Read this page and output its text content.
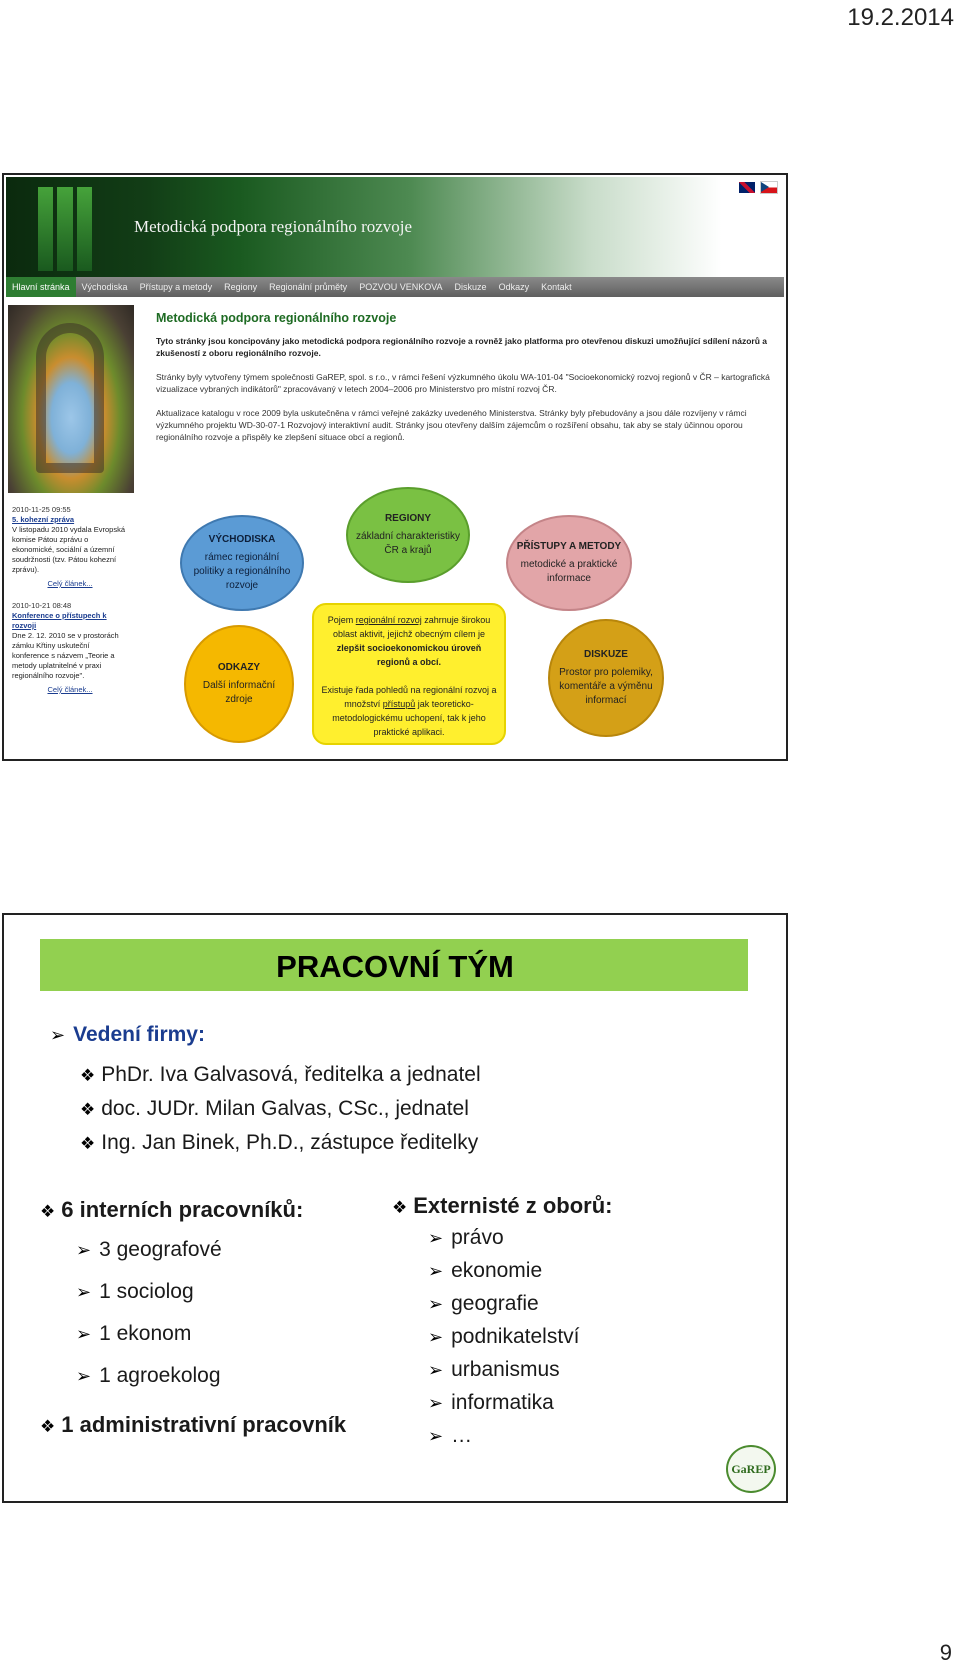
19.2.2014
Metodická podpora regionálního rozvoje
Hlavní stránka	Východiska	Přístupy a metody	Regiony	Regionální průměty	POZVOU VENKOVA	Diskuze	Odkazy	Kontakt
2010-11-25 09:55
5. kohezní zpráva
V listopadu 2010 vydala Evropská komise Pátou zprávu o ekonomické, sociální a územní soudržnosti (tzv. Pátou kohezní zprávu).
Celý článek...
2010-10-21 08:48
Konference o přístupech k rozvoji
Dne 2. 12. 2010 se v prostorách zámku Křtiny uskuteční konference s názvem „Teorie a metody uplatnitelné v praxi regionálního rozvoje".
Celý článek...
Metodická podpora regionálního rozvoje
Tyto stránky jsou koncipovány jako metodická podpora regionálního rozvoje a rovněž jako platforma pro otevřenou diskuzi umožňující sdílení názorů a zkušeností z oboru regionálního rozvoje.
Stránky byly vytvořeny týmem společnosti GaREP, spol. s r.o., v rámci řešení výzkumného úkolu WA-101-04 "Socioekonomický rozvoj regionů v ČR – kartografická vizualizace vybraných indikátorů" zpracovávaný v letech 2004–2006 pro Ministerstvo pro místní rozvoj ČR.
Aktualizace katalogu v roce 2009 byla uskutečněna v rámci veřejné zakázky uvedeného Ministerstva. Stránky byly přebudovány a jsou dále rozvíjeny v rámci výzkumného projektu WD-30-07-1 Rozvojový interaktivní audit. Stránky jsou otevřeny dalším zájemcům o rozšíření obsahu, tak aby se staly účinnou oporou regionálního rozvoje a přispěly ke zlepšení situace obcí a regionů.
VÝCHODISKA
rámec regionální politiky a regionálního rozvoje
REGIONY
základní charakteristiky ČR a krajů	PŘÍSTUPY A METODY
metodické a praktické informace
ODKAZY
Další informační zdroje
DISKUZE
Prostor pro polemiky, komentáře a výměnu informací
Pojem regionální rozvoj zahrnuje širokou oblast aktivit, jejichž obecným cílem je zlepšit socioekonomickou úroveň regionů a obcí.

Existuje řada pohledů na regionální rozvoj a množství přístupů jak teoreticko-metodologickému uchopení, tak k jeho praktické aplikaci.
PRACOVNÍ TÝM
➢ Vedení firmy:
❖ PhDr. Iva Galvasová, ředitelka a jednatel
❖ doc. JUDr. Milan Galvas, CSc., jednatel
❖ Ing. Jan Binek, Ph.D., zástupce ředitelky
❖ 6 interních pracovníků:
➢ 3 geografové
➢ 1 sociolog
➢ 1 ekonom
➢ 1 agroekolog
❖ 1 administrativní pracovník
❖ Externisté z oborů:
➢ právo
➢ ekonomie
➢ geografie
➢ podnikatelství
➢ urbanismus
➢ informatika
➢ …
GaREP
9
